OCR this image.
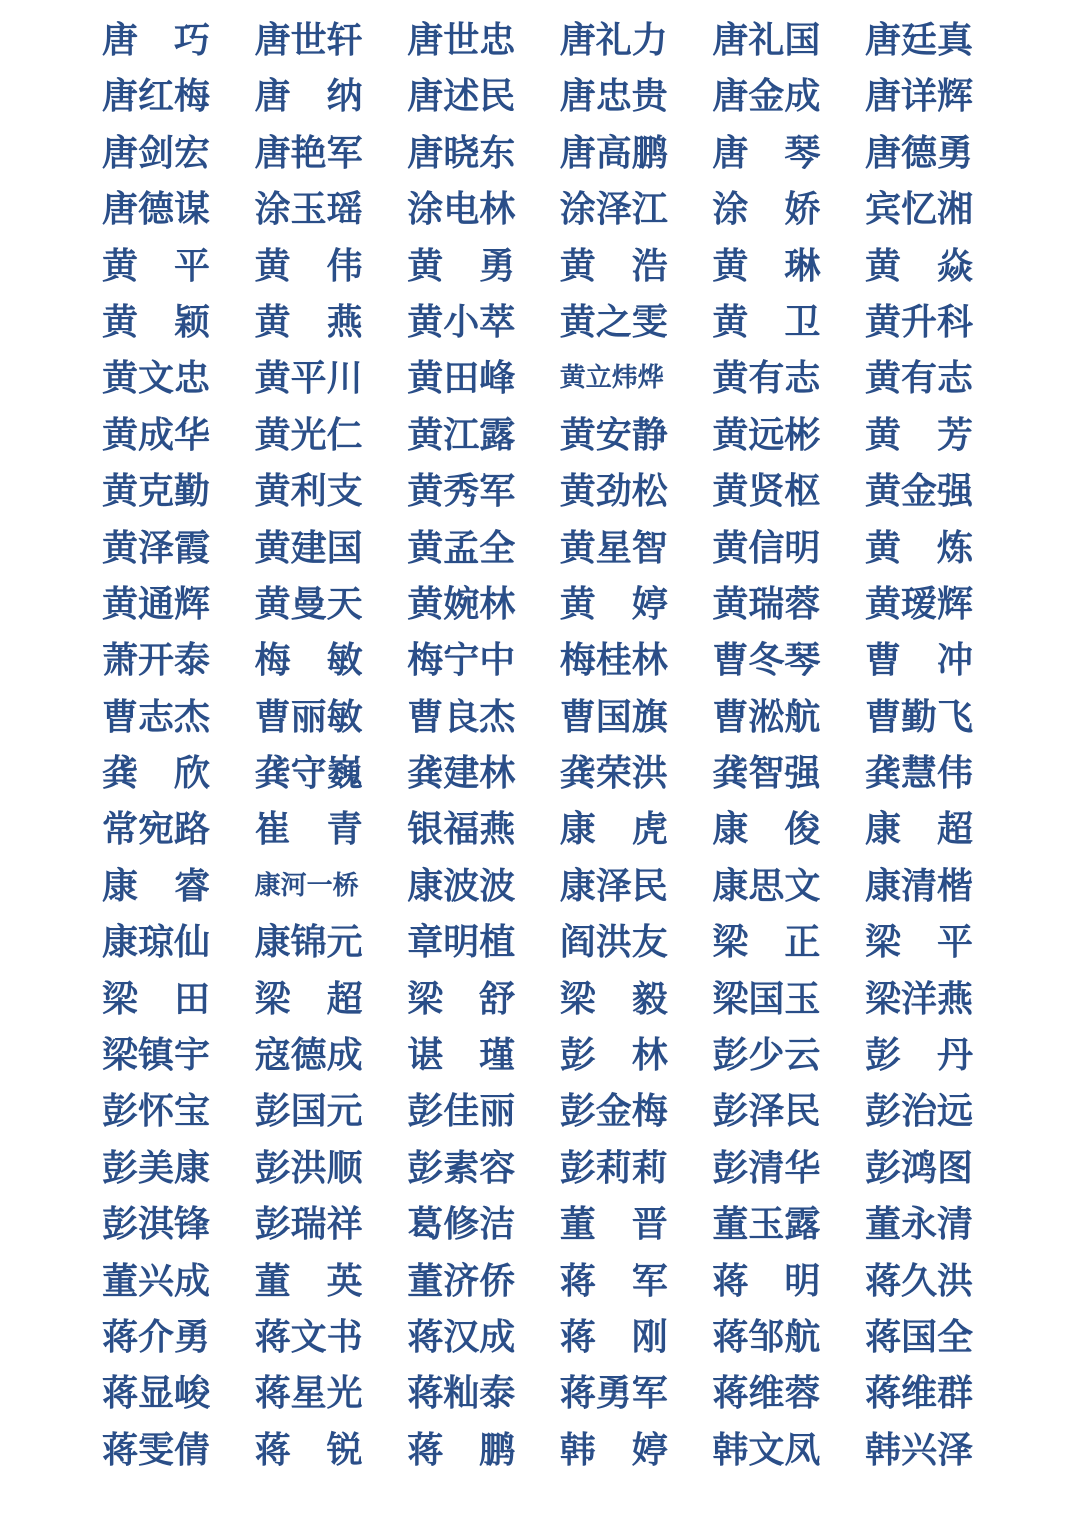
唐 巧 唐世轩 唐世忠 唐礼力 唐礼国 唐廷真
唐红梅 唐 纳 唐述民 唐忠贵 唐金成 唐详辉
唐剑宏 唐艳军 唐晓东 唐高鹏 唐 琴 唐德勇
唐德谋 涂玉瑶 涂电林 涂泽江 涂 娇 宾忆湘
黄 平 黄 伟 黄 勇 黄 浩 黄 琳 黄 焱
黄 颖 黄 燕 黄小萃 黄之雯 黄 卫 黄升科
黄文忠 黄平川 黄田峰 黄立炜烨 黄有志 黄有志
黄成华 黄光仁 黄江露 黄安静 黄远彬 黄 芳
黄克勤 黄利支 黄秀军 黄劲松 黄贤枢 黄金强
黄泽霞 黄建国 黄孟全 黄星智 黄信明 黄 炼
黄通辉 黄曼天 黄婉林 黄 婷 黄瑞蓉 黄瑷辉
萧开泰 梅 敏 梅宁中 梅桂林 曹冬琴 曹 冲
曹志杰 曹丽敏 曹良杰 曹国旗 曹淞航 曹勤飞
龚 欣 龚守巍 龚建林 龚荣洪 龚智强 龚慧伟
常宛路 崔 青 银福燕 康 虎 康 俊 康 超
康 睿 康河一桥 康波波 康泽民 康思文 康清楷
康琼仙 康锦元 章明植 阎洪友 梁 正 梁 平
梁 田 梁 超 梁 舒 梁 毅 梁国玉 梁洋燕
梁镇宇 寇德成 谌 瑾 彭 林 彭少云 彭 丹
彭怀宝 彭国元 彭佳丽 彭金梅 彭泽民 彭治远
彭美康 彭洪顺 彭素容 彭莉莉 彭清华 彭鸿图
彭淇锋 彭瑞祥 葛修洁 董 晋 董玉露 董永清
董兴成 董 英 董济侨 蒋 军 蒋 明 蒋久洪
蒋介勇 蒋文书 蒋汉成 蒋 刚 蒋邹航 蒋国全
蒋显峻 蒋星光 蒋籼泰 蒋勇军 蒋维蓉 蒋维群
蒋雯倩 蒋 锐 蒋 鹏 韩 婷 韩文凤 韩兴泽
